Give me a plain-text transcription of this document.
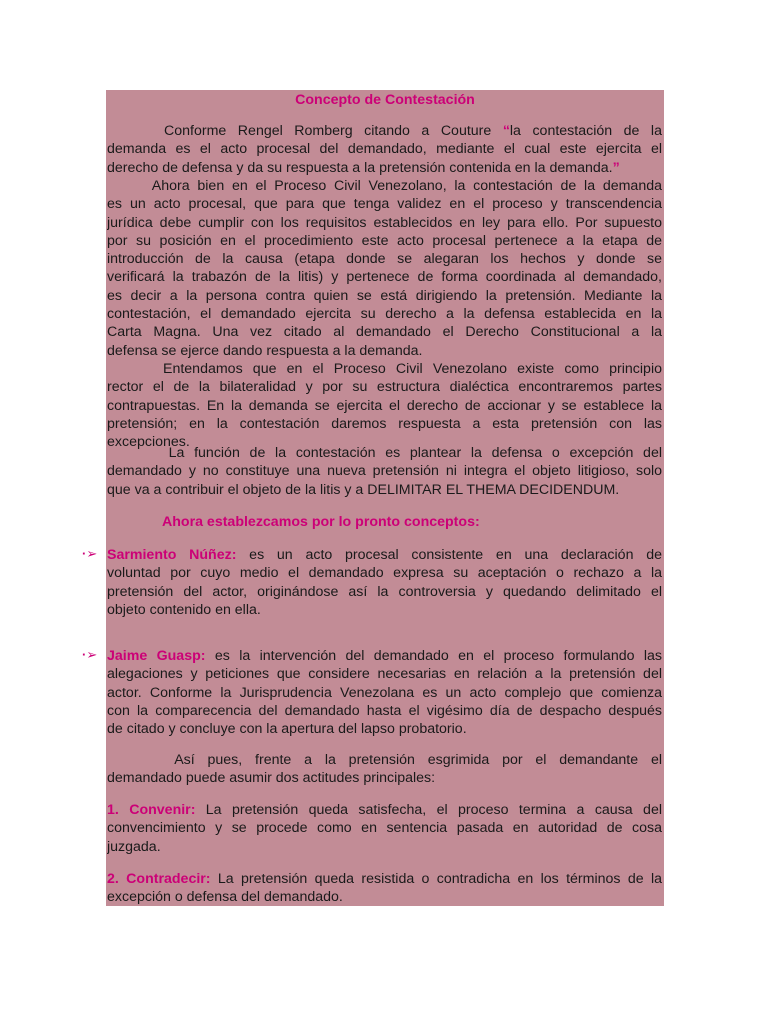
Concepto de Contestación
Conforme Rengel Romberg citando a Couture “la contestación de la
demanda es el acto procesal del demandado, mediante el cual este ejercita el
derecho de defensa y da su respuesta a la pretensión contenida en la demanda.”
Ahora bien en el Proceso Civil Venezolano, la contestación de la demanda
es un acto procesal, que para que tenga validez en el proceso y transcendencia
jurídica debe cumplir con los requisitos establecidos en ley para ello. Por supuesto
por su posición en el procedimiento este acto procesal pertenece a la etapa de
introducción de la causa (etapa donde se alegaran los hechos y donde se
verificará la trabazón de la litis) y pertenece de forma coordinada al demandado,
es decir a la persona contra quien se está dirigiendo la pretensión. Mediante la
contestación, el demandado ejercita su derecho a la defensa establecida en la
Carta Magna. Una vez citado al demandado el Derecho Constitucional a la
defensa se ejerce dando respuesta a la demanda.
Entendamos que en el Proceso Civil Venezolano existe como principio
rector el de la bilateralidad y por su estructura dialéctica encontraremos partes
contrapuestas. En la demanda se ejercita el derecho de accionar y se establece la
pretensión; en la contestación daremos respuesta a esta pretensión con las
excepciones.
La función de la contestación es plantear la defensa o excepción del
demandado y no constituye una nueva pretensión ni integra el objeto litigioso, solo
que va a contribuir el objeto de la litis y a DELIMITAR EL THEMA DECIDENDUM.
Ahora establezcamos por lo pronto conceptos:
·➢ Sarmiento Núñez: es un acto procesal consistente en una declaración de
voluntad por cuyo medio el demandado expresa su aceptación o rechazo a la
pretensión del actor, originándose así la controversia y quedando delimitado el
objeto contenido en ella.
·➢ Jaime Guasp: es la intervención del demandado en el proceso formulando las
alegaciones y peticiones que considere necesarias en relación a la pretensión del
actor. Conforme la Jurisprudencia Venezolana es un acto complejo que comienza
con la comparecencia del demandado hasta el vigésimo día de despacho después
de citado y concluye con la apertura del lapso probatorio.
Así pues, frente a la pretensión esgrimida por el demandante el
demandado puede asumir dos actitudes principales:
1. Convenir: La pretensión queda satisfecha, el proceso termina a causa del
convencimiento y se procede como en sentencia pasada en autoridad de cosa
juzgada.
2. Contradecir: La pretensión queda resistida o contradicha en los términos de la
excepción o defensa del demandado.
